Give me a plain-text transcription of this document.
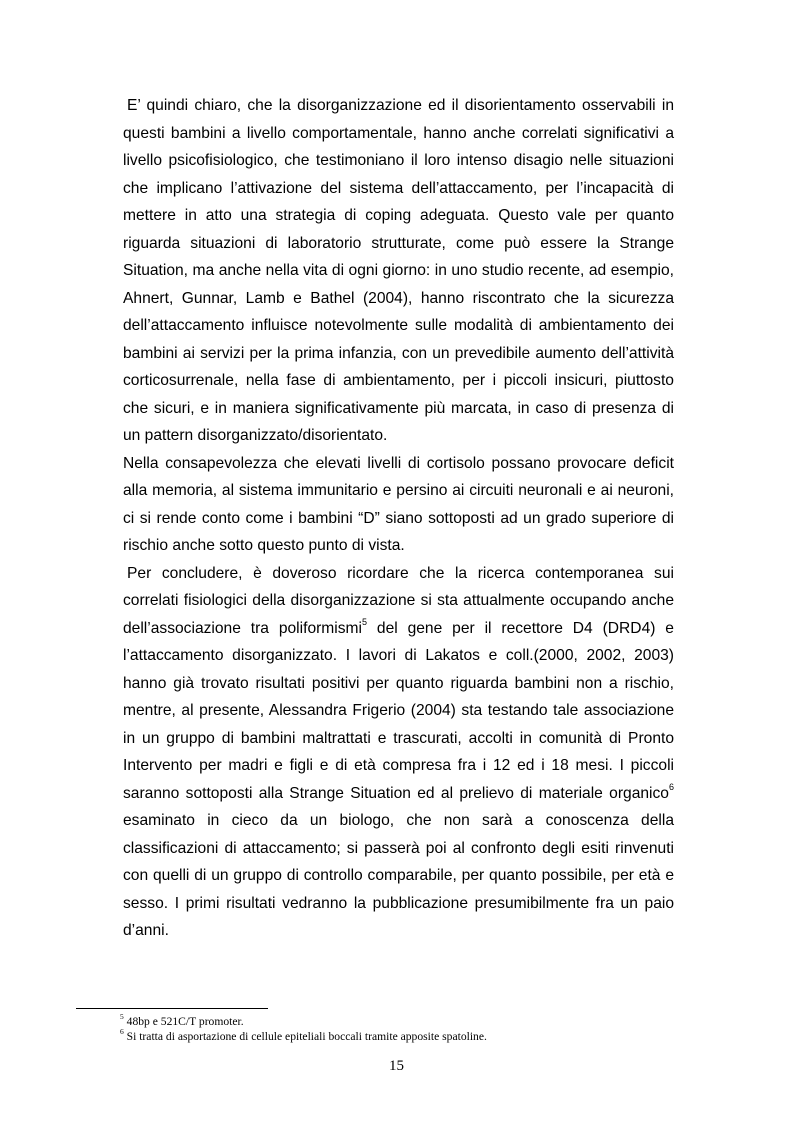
E’ quindi chiaro, che la disorganizzazione ed il disorientamento osservabili in questi bambini a livello comportamentale, hanno anche correlati significativi a livello psicofisiologico, che testimoniano il loro intenso disagio nelle situazioni che implicano l’attivazione del sistema dell’attaccamento, per l’incapacità di mettere in atto una strategia di coping adeguata. Questo vale per quanto riguarda situazioni di laboratorio strutturate, come può essere la Strange Situation, ma anche nella vita di ogni giorno: in uno studio recente, ad esempio, Ahnert, Gunnar, Lamb e Bathel (2004), hanno riscontrato che la sicurezza dell’attaccamento influisce notevolmente sulle modalità di ambientamento dei bambini ai servizi per la prima infanzia, con un prevedibile aumento dell’attività corticosurrenale, nella fase di ambientamento, per i piccoli insicuri, piuttosto che sicuri, e in maniera significativamente più marcata, in caso di presenza di un pattern disorganizzato/disorientato.

Nella consapevolezza che elevati livelli di cortisolo possano provocare deficit alla memoria, al sistema immunitario e persino ai circuiti neuronali e ai neuroni, ci si rende conto come i bambini “D” siano sottoposti ad un grado superiore di rischio anche sotto questo punto di vista.

Per concludere, è doveroso ricordare che la ricerca contemporanea sui correlati fisiologici della disorganizzazione si sta attualmente occupando anche dell’associazione tra poliformismi$^5$ del gene per il recettore D4 (DRD4) e l’attaccamento disorganizzato. I lavori di Lakatos e coll.(2000, 2002, 2003) hanno già trovato risultati positivi per quanto riguarda bambini non a rischio, mentre, al presente, Alessandra Frigerio (2004) sta testando tale associazione in un gruppo di bambini maltrattati e trascurati, accolti in comunità di Pronto Intervento per madri e figli e di età compresa fra i 12 ed i 18 mesi. I piccoli saranno sottoposti alla Strange Situation ed al prelievo di materiale organico$^6$ esaminato in cieco da un biologo, che non sarà a conoscenza della classificazioni di attaccamento; si passerà poi al confronto degli esiti rinvenuti con quelli di un gruppo di controllo comparabile, per quanto possibile, per età e sesso. I primi risultati vedranno la pubblicazione presumibilmente fra un paio d’anni.

$^5$ 48bp e 521C/T promoter.
$^6$ Si tratta di asportazione di cellule epiteliali boccali tramite apposite spatoline.
15
